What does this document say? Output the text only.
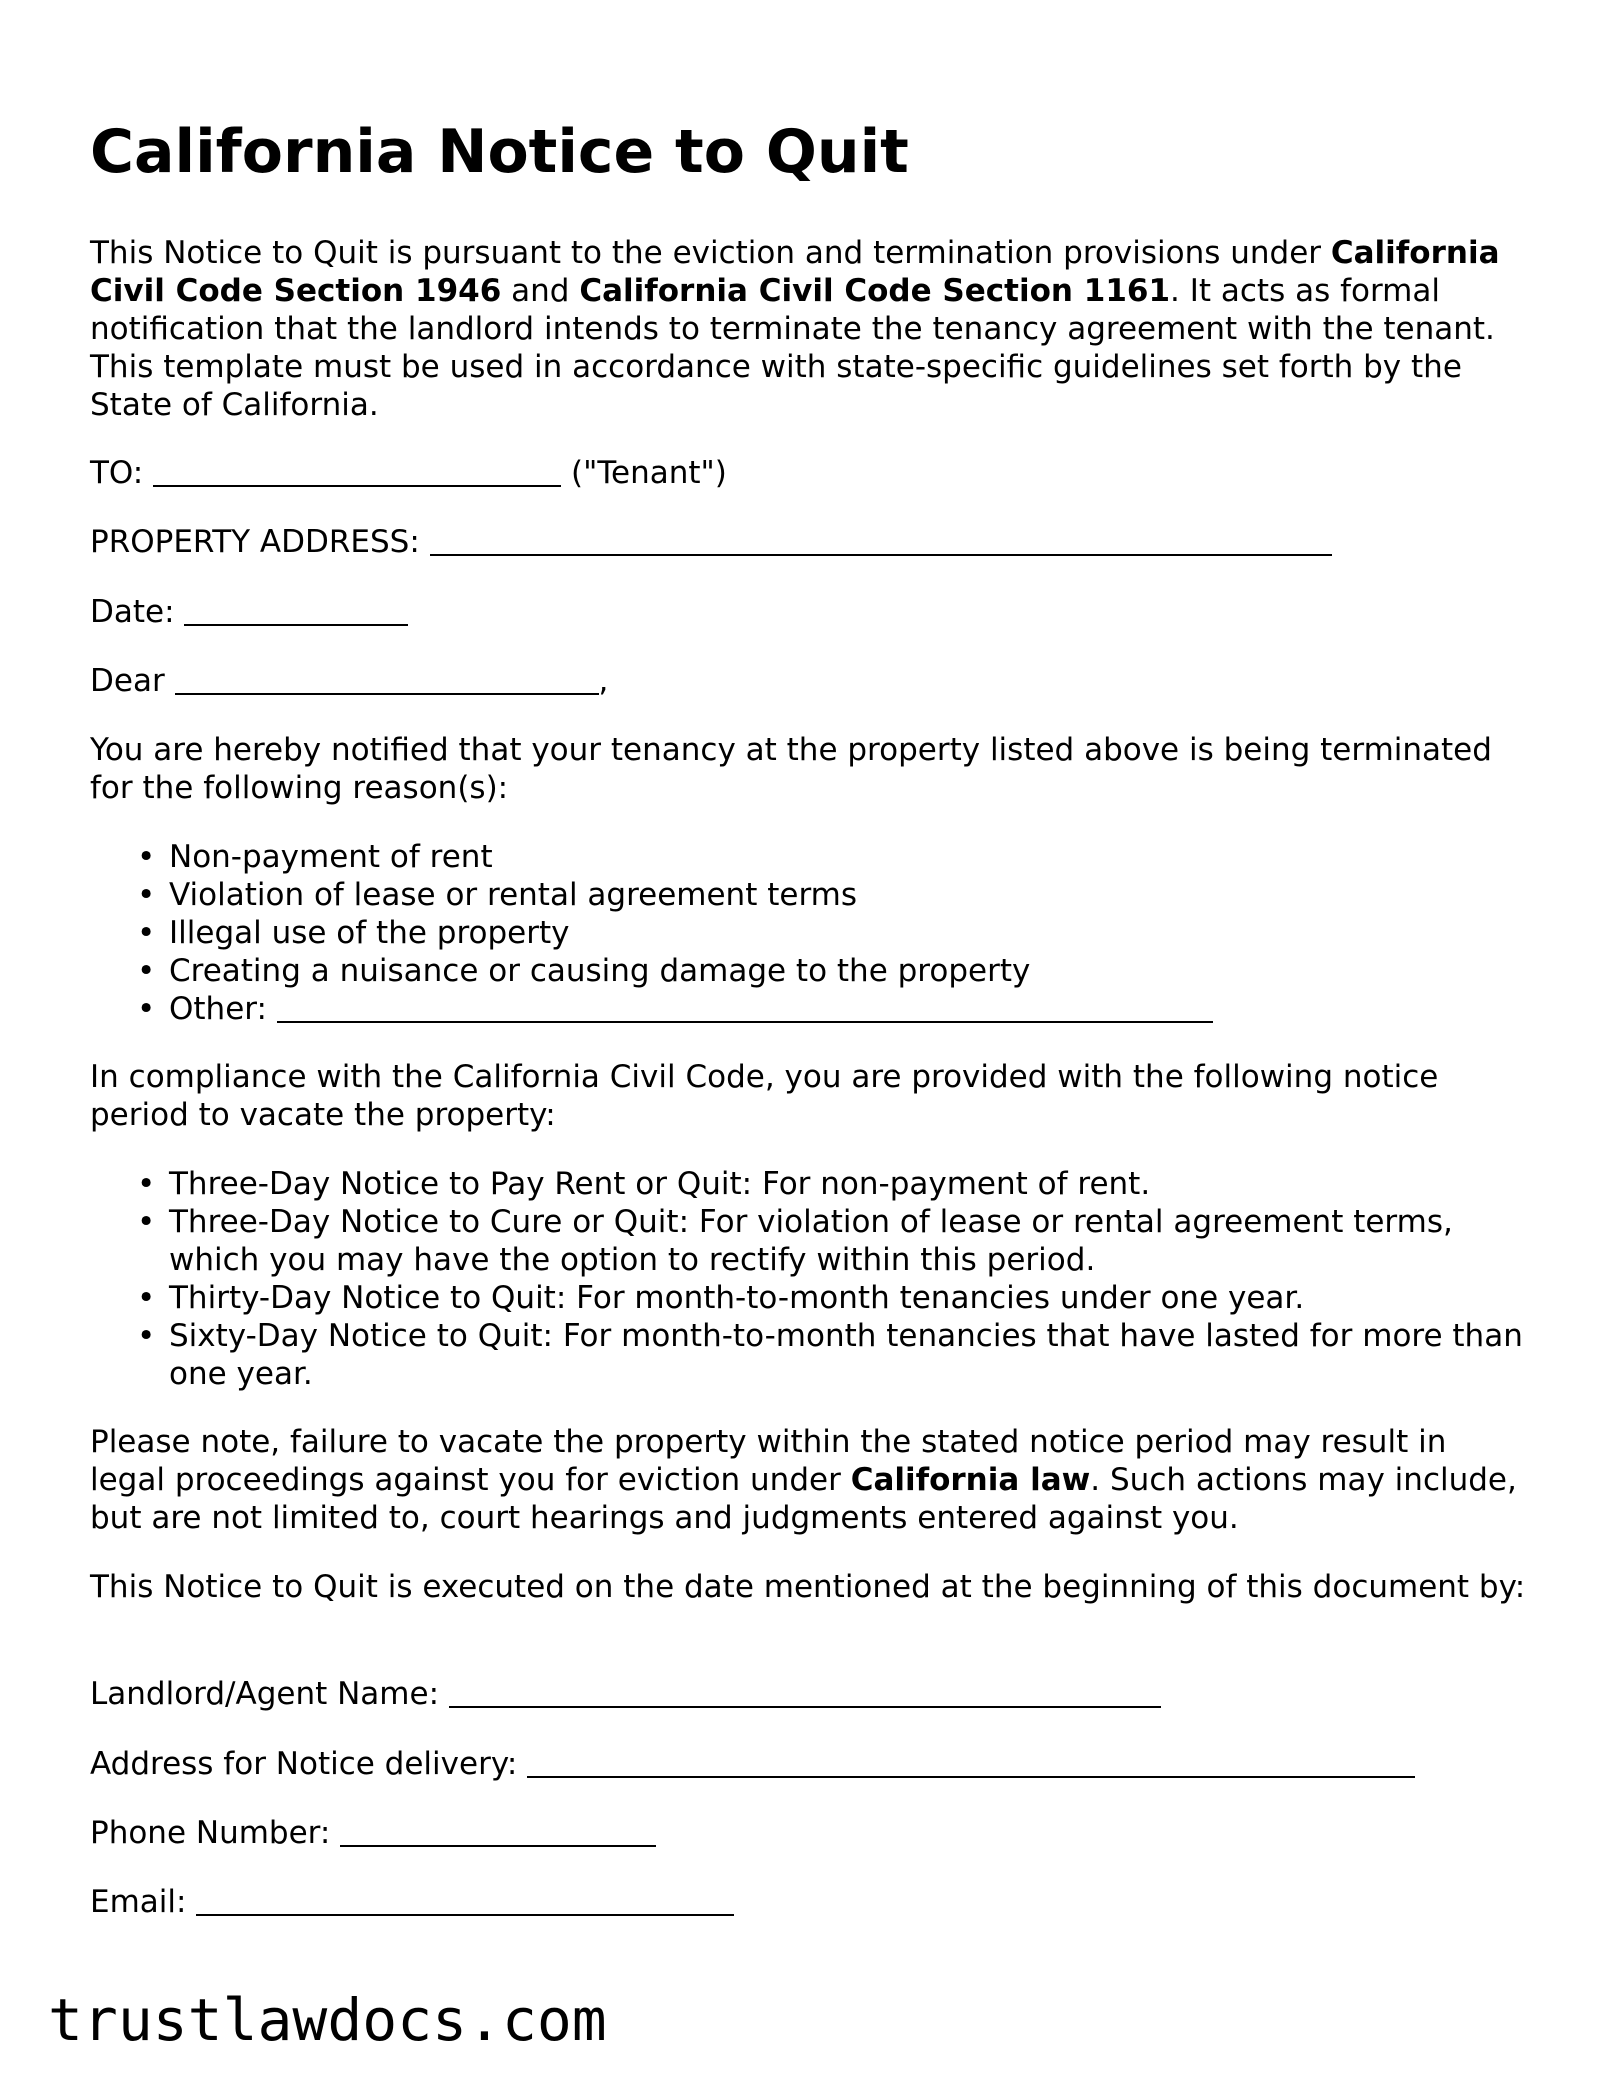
California Notice to Quit

This Notice to Quit is pursuant to the eviction and termination provisions under California Civil Code Section 1946 and California Civil Code Section 1161. It acts as formal notification that the landlord intends to terminate the tenancy agreement with the tenant. This template must be used in accordance with state-specific guidelines set forth by the State of California.

TO:	("Tenant")

PROPERTY ADDRESS:

Date:

Dear	,

You are hereby notified that your tenancy at the property listed above is being terminated for the following reason(s):

• Non-payment of rent
• Violation of lease or rental agreement terms
• Illegal use of the property
• Creating a nuisance or causing damage to the property
• Other:

In compliance with the California Civil Code, you are provided with the following notice period to vacate the property:

• Three-Day Notice to Pay Rent or Quit: For non-payment of rent.
• Three-Day Notice to Cure or Quit: For violation of lease or rental agreement terms, which you may have the option to rectify within this period.
• Thirty-Day Notice to Quit: For month-to-month tenancies under one year.
• Sixty-Day Notice to Quit: For month-to-month tenancies that have lasted for more than one year.

Please note, failure to vacate the property within the stated notice period may result in legal proceedings against you for eviction under California law. Such actions may include, but are not limited to, court hearings and judgments entered against you.

This Notice to Quit is executed on the date mentioned at the beginning of this document by:

Landlord/Agent Name:

Address for Notice delivery:

Phone Number:

Email:

trustlawdocs.com
